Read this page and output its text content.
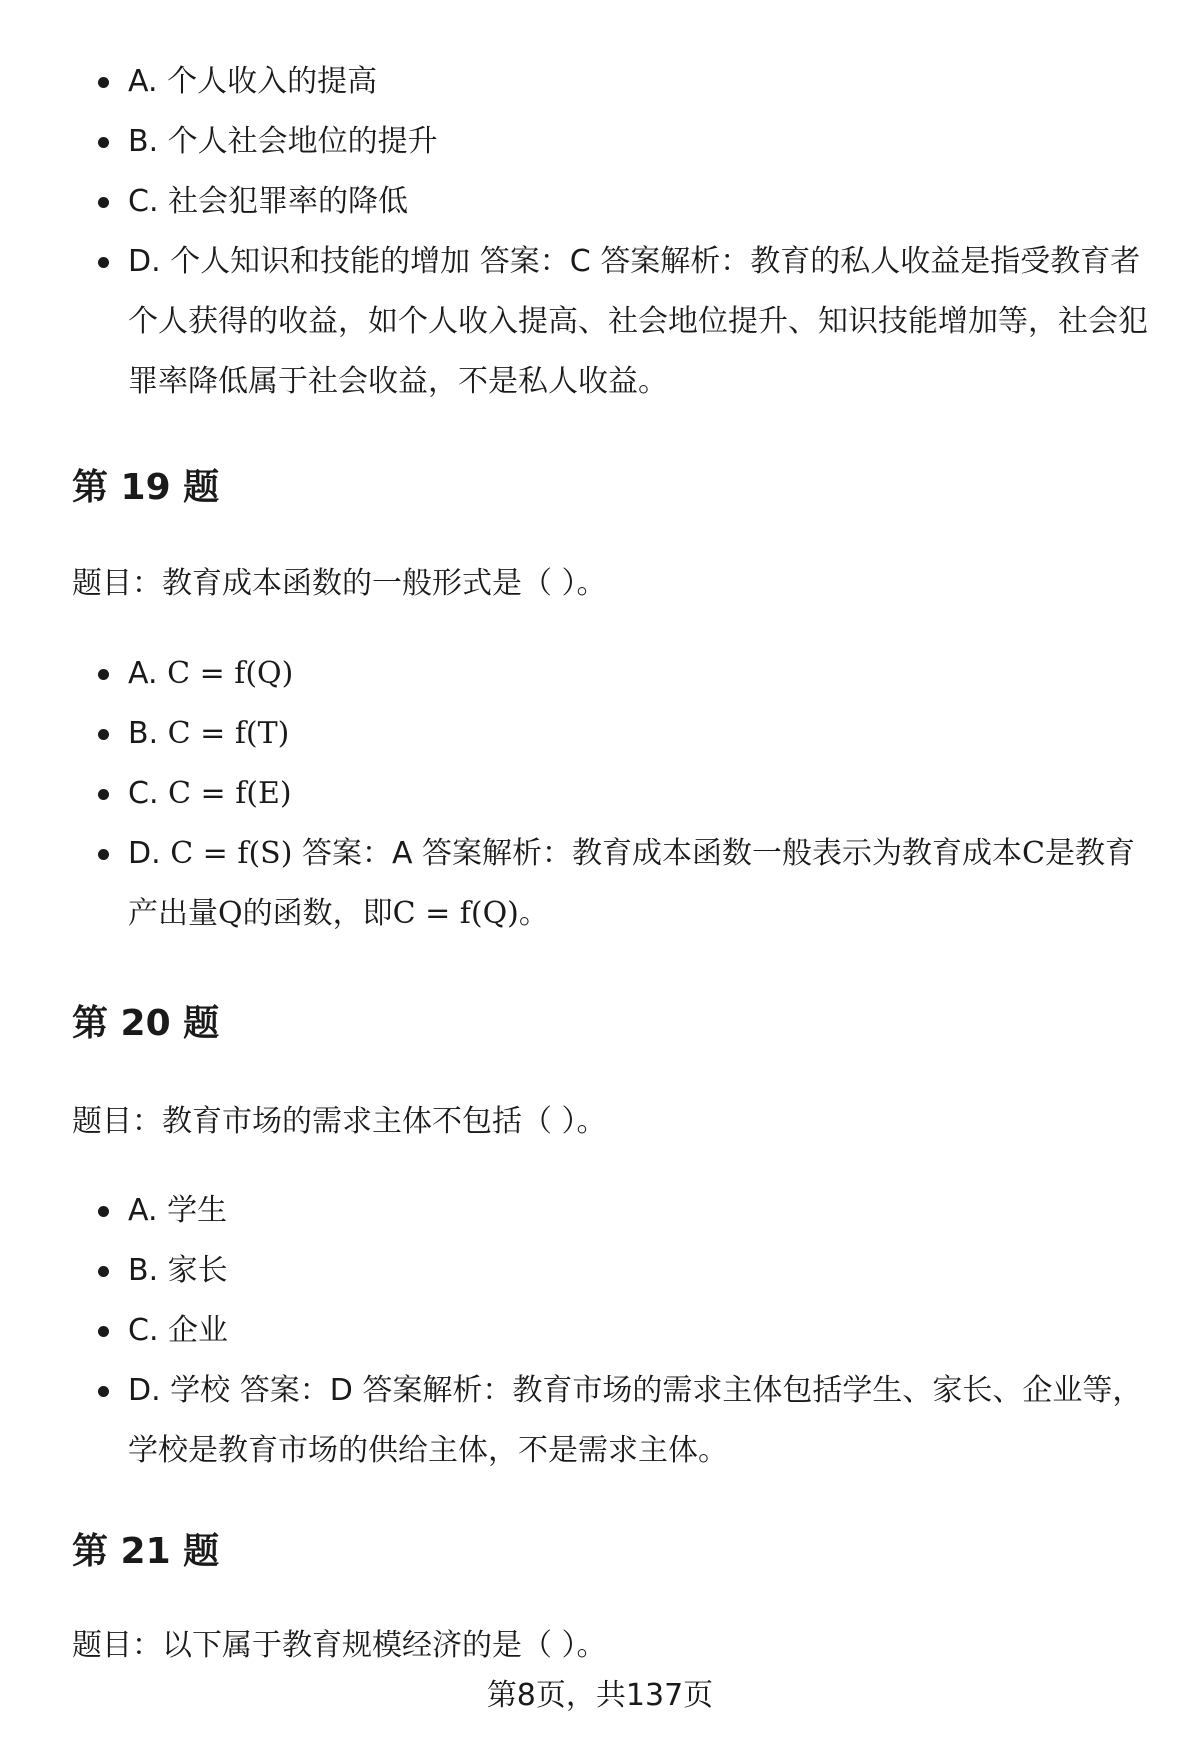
A. 个人收入的提高
B. 个人社会地位的提升
C. 社会犯罪率的降低
D. 个人知识和技能的增加 答案：C 答案解析：教育的私人收益是指受教育者个人获得的收益，如个人收入提高、社会地位提升、知识技能增加等，社会犯罪率降低属于社会收益，不是私人收益。
第 19 题

题目：教育成本函数的一般形式是（ ）。

A. C = f(Q)
B. C = f(T)
C. C = f(E)
D. C = f(S) 答案：A 答案解析：教育成本函数一般表示为教育成本C是教育产出量Q的函数，即C = f(Q)。
第 20 题

题目：教育市场的需求主体不包括（ ）。

A. 学生
B. 家长
C. 企业
D. 学校 答案：D 答案解析：教育市场的需求主体包括学生、家长、企业等，学校是教育市场的供给主体，不是需求主体。
第 21 题

题目：以下属于教育规模经济的是（ ）。

第8页，共137页
